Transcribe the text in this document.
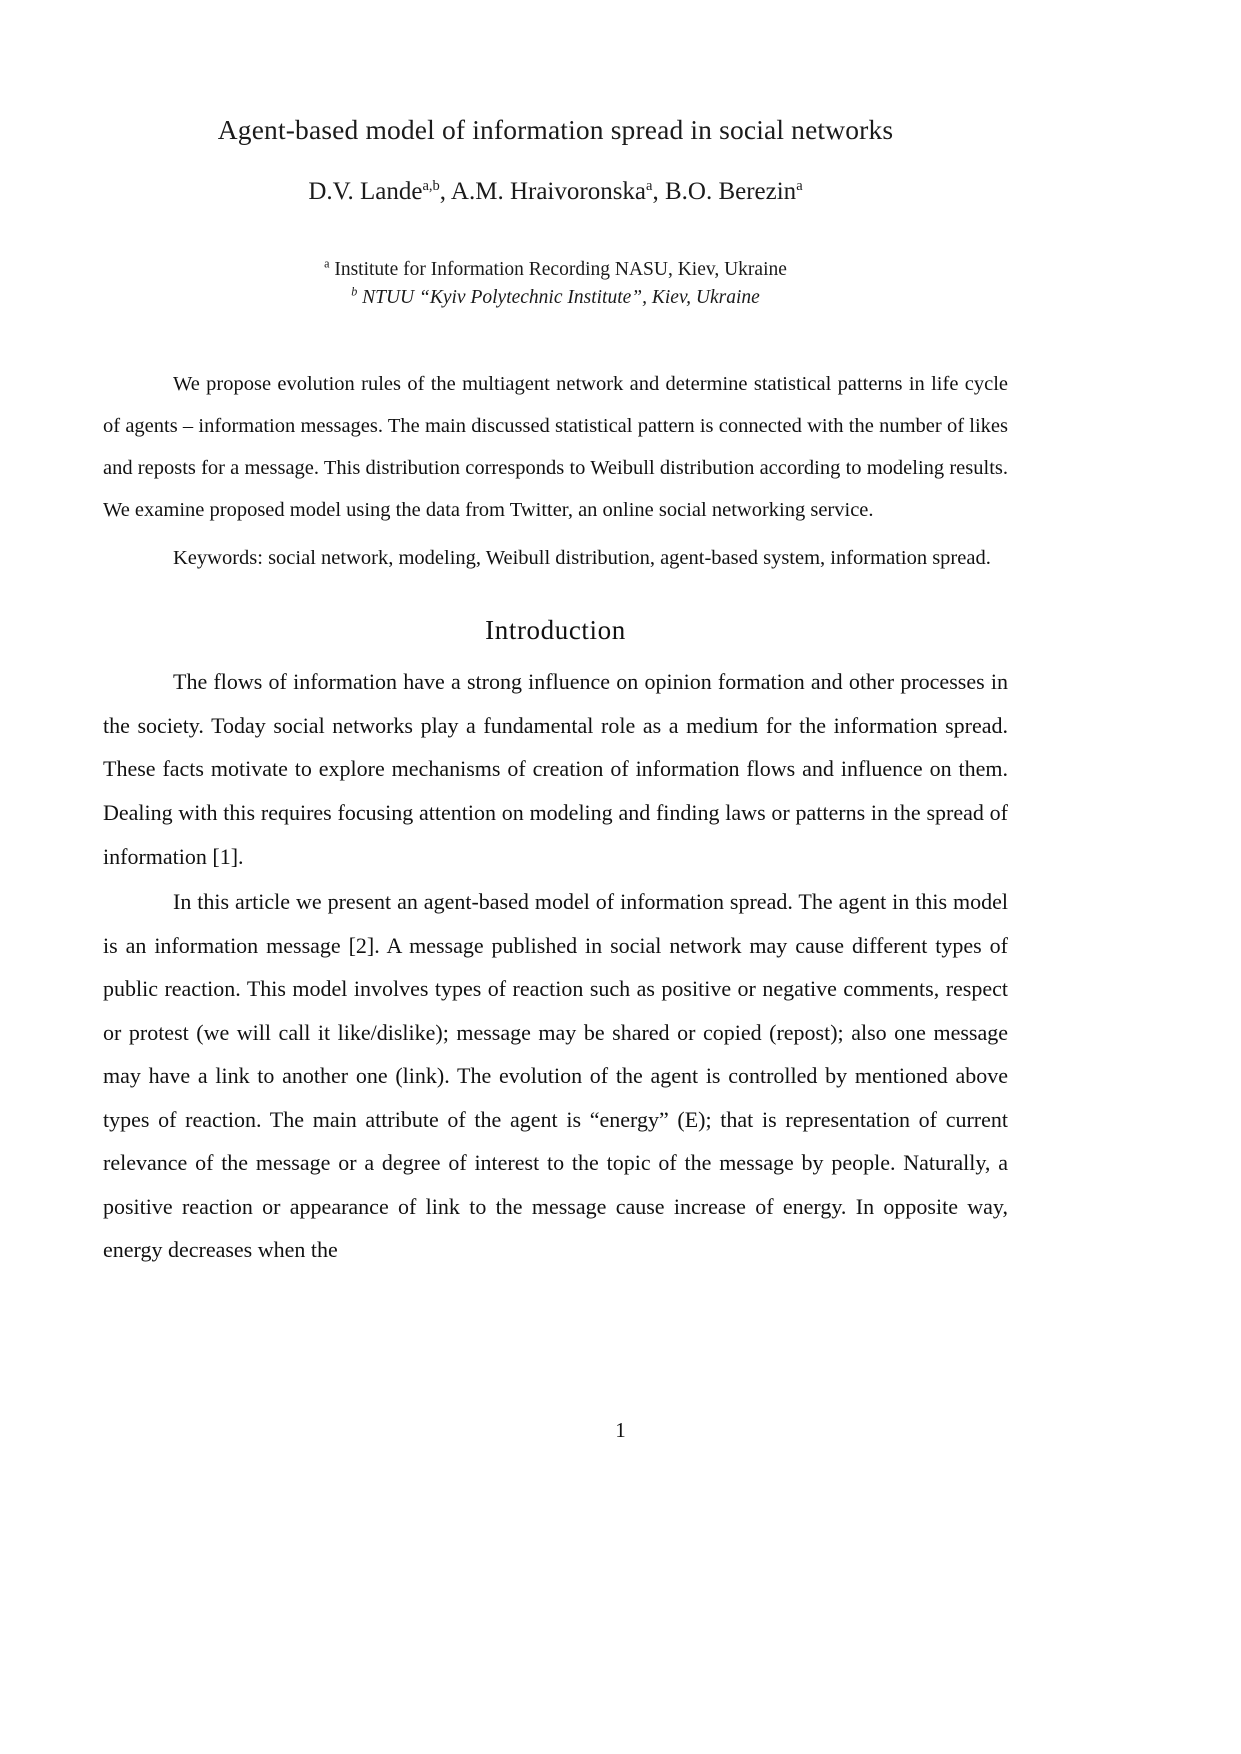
Agent-based model of information spread in social networks
D.V. Lande$^{a,b}$, A.M. Hraivoronska$^a$, B.O. Berezin$^a$
$^a$ Institute for Information Recording NASU, Kiev, Ukraine
$^b$ NTUU “Kyiv Polytechnic Institute”, Kiev, Ukraine

We propose evolution rules of the multiagent network and determine statistical patterns in life cycle of agents – information messages. The main discussed statistical pattern is connected with the number of likes and reposts for a message. This distribution corresponds to Weibull distribution according to modeling results. We examine proposed model using the data from Twitter, an online social networking service.

Keywords: social network, modeling, Weibull distribution, agent-based system, information spread.

Introduction

The flows of information have a strong influence on opinion formation and other processes in the society. Today social networks play a fundamental role as a medium for the information spread. These facts motivate to explore mechanisms of creation of information flows and influence on them. Dealing with this requires focusing attention on modeling and finding laws or patterns in the spread of information [1].

In this article we present an agent-based model of information spread. The agent in this model is an information message [2]. A message published in social network may cause different types of public reaction. This model involves types of reaction such as positive or negative comments, respect or protest (we will call it like/dislike); message may be shared or copied (repost); also one message may have a link to another one (link). The evolution of the agent is controlled by mentioned above types of reaction. The main attribute of the agent is “energy” (E); that is representation of current relevance of the message or a degree of interest to the topic of the message by people. Naturally, a positive reaction or appearance of link to the message cause increase of energy. In opposite way, energy decreases when the

1
